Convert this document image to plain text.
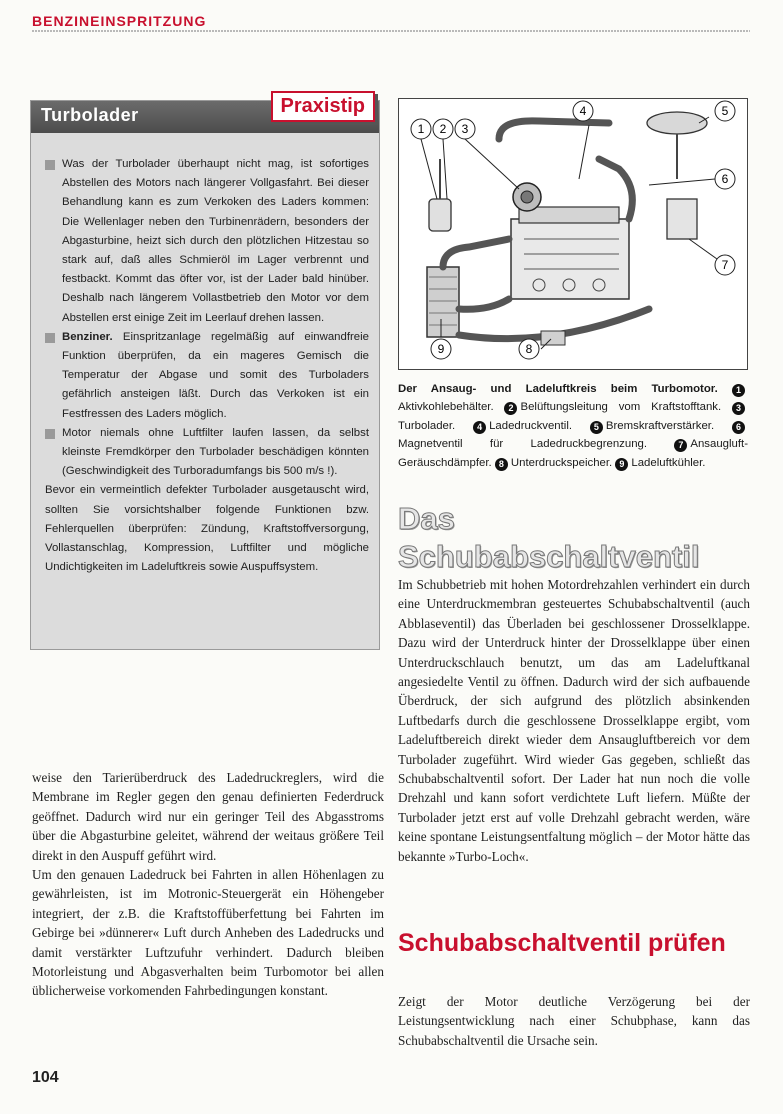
BENZINEINSPRITZUNG
Turbolader	Praxistip

Was der Turbolader überhaupt nicht mag, ist sofortiges Abstellen des Motors nach längerer Vollgasfahrt. Bei dieser Behandlung kann es zum Verkoken des Laders kommen: Die Wellenlager neben den Turbinenrädern, besonders der Abgasturbine, heizt sich durch den plötzlichen Hitzestau so stark auf, daß alles Schmieröl im Lager verbrennt und festbackt. Kommt das öfter vor, ist der Lader bald hinüber. Deshalb nach längerem Vollastbetrieb den Motor vor dem Abstellen erst einige Zeit im Leerlauf drehen lassen.

Benziner. Einspritzanlage regelmäßig auf einwandfreie Funktion überprüfen, da ein mageres Gemisch die Temperatur der Abgase und somit des Turboladers gefährlich ansteigen läßt. Durch das Verkoken ist ein Festfressen des Laders möglich.

Motor niemals ohne Luftfilter laufen lassen, da selbst kleinste Fremdkörper den Turbolader beschädigen könnten (Geschwindigkeit des Turboradumfangs bis 500 m/s !).

Bevor ein vermeintlich defekter Turbolader ausgetauscht wird, sollten Sie vorsichtshalber folgende Funktionen bzw. Fehlerquellen überprüfen: Zündung, Kraftstoffversorgung, Vollastanschlag, Kompression, Luftfilter und mögliche Undichtigkeiten im Ladeluftkreis sowie Auspuffsystem.

1 2 3
4	5
6
7
8
9
Der Ansaug- und Ladeluftkreis beim Turbomotor. 1Aktivkohlebehälter. 2 Belüftungsleitung vom Kraftstofftank. 3Turbolader. 4 Ladedruckventil. 5 Bremskraftverstärker. 6Magnetventil für Ladedruckbegrenzung.	7 Ansaugluft-Geräuschdämpfer. 8 Unterdruckspeicher. 9 Ladeluftkühler.
Das Schubabschaltventil

Im Schubbetrieb mit hohen Motordrehzahlen verhindert ein durch eine Unterdruckmembran gesteuertes Schubabschaltventil (auch Abblaseventil) das Überladen bei geschlossener Drosselklappe. Dazu wird der Unterdruck hinter der Drosselklappe über einen Unterdruckschlauch benutzt, um das am Ladeluftkanal angesiedelte Ventil zu öffnen. Dadurch wird der sich aufbauende Überdruck, der sich aufgrund des plötzlich absinkenden Luftbedarfs durch die geschlossene Drosselklappe ergibt, vom Ladeluftbereich direkt wieder dem Ansaugluftbereich vor dem Turbolader zugeführt. Wird wieder Gas gegeben, schließt das Schubabschaltventil sofort. Der Lader hat nun noch die volle Drehzahl und kann sofort verdichtete Luft liefern. Müßte der Turbolader jetzt erst auf volle Drehzahl gebracht werden, wäre keine spontane Leistungsentfaltung möglich – der Motor hätte das bekannte »Turbo-Loch«.

weise den Tarierüberdruck des Ladedruckreglers, wird die Membrane im Regler gegen den genau definierten Federdruck geöffnet. Dadurch wird nur ein geringer Teil des Abgasstroms über die Abgasturbine geleitet, während der weitaus größere Teil direkt in den Auspuff geführt wird.

Um den genauen Ladedruck bei Fahrten in allen Höhenlagen zu gewährleisten, ist im Motronic-Steuergerät ein Höhengeber integriert, der z.B. die Kraftstoffüberfettung bei Fahrten im Gebirge bei »dünnerer« Luft durch Anheben des Ladedrucks und damit verstärkter Luftzufuhr verhindert. Dadurch bleiben Motorleistung und Abgasverhalten beim Turbomotor bei allen üblicherweise vorkomenden Fahrbedingungen konstant.

Schubabschaltventil prüfen

Zeigt der Motor deutliche Verzögerung bei der Leistungsentwicklung nach einer Schubphase, kann das Schubabschaltventil die Ursache sein.

104
